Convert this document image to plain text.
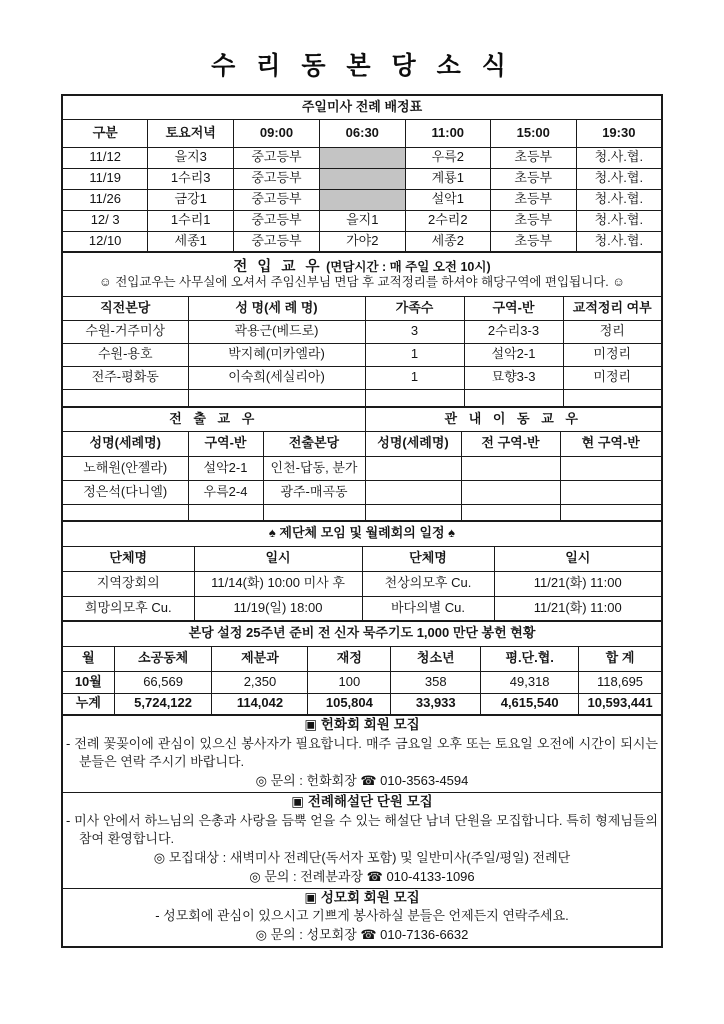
수 리 동 본 당 소 식
주일미사 전례 배정표						
구분	토요저녁	09:00	06:30	11:00	15:00	19:30
11/12	을지3	중고등부		우륵2	초등부	청.사.협.
11/19	1수리3	중고등부		계룡1	초등부	청.사.협.
11/26	금강1	중고등부		설악1	초등부	청.사.협.
12/ 3	1수리1	중고등부	을지1	2수리2	초등부	청.사.협.
12/10	세종1	중고등부	가야2	세종2	초등부	청.사.협.
전 입 교 우 (면담시간 : 매 주일 오전 10시)
☺ 전입교우는 사무실에 오셔서 주임신부님 면담 후 교적정리를 하셔야 해당구역에 편입됩니다. ☺				

직전본당	성 명(세 례 명)	가족수	구역-반	교적정리 여부
수원-거주미상	곽용근(베드로)	3	2수리3-3	정리
수원-용호	박지혜(미카엘라)	1	설악2-1	미정리
전주-평화동	이숙희(세실리아)	1	묘향3-3	미정리

전 출 교 우			관 내 이 동 교 우		
성명(세례명)	구역-반	전출본당	성명(세례명)	전 구역-반	현 구역-반
노해원(안젤라)	설악2-1	인천-답동, 분가			
정은석(다니엘)	우륵2-4	광주-매곡동			

♠ 제단체 모임 및 월례회의 일정 ♠			
단체명	일시	단체명	일시
지역장회의	11/14(화) 10:00 미사 후	천상의모후 Cu.	11/21(화) 11:00
희망의모후 Cu.	11/19(일) 18:00	바다의별 Cu.	11/21(화) 11:00
본당 설정 25주년 준비 전 신자 묵주기도 1,000 만단 봉헌 현황						
월	소공동체	제분과	재정	청소년	평.단.협.	합 계
10월	66,569	2,350	100	358	49,318	118,695
누계	5,724,122	114,042	105,804	33,933	4,615,540	10,593,441
▣ 헌화회 회원 모집
- 전례 꽃꽂이에 관심이 있으신 봉사자가 필요합니다. 매주 금요일 오후 또는 토요일 오전에 시간이 되시는 분들은 연락 주시기 바랍니다.
◎ 문의 : 헌화회장 ☎ 010-3563-4594

▣ 전례해설단 단원 모집
- 미사 안에서 하느님의 은총과 사랑을 듬뿍 얻을 수 있는 해설단 남녀 단원을 모집합니다. 특히 형제님들의 참여 환영합니다.
◎ 모집대상 : 새벽미사 전례단(독서자 포함) 및 일반미사(주일/평일) 전례단
◎ 문의 : 전례분과장 ☎ 010-4133-1096

▣ 성모회 회원 모집
- 성모회에 관심이 있으시고 기쁘게 봉사하실 분들은 언제든지 연락주세요.
◎ 문의 : 성모회장 ☎ 010-7136-6632
